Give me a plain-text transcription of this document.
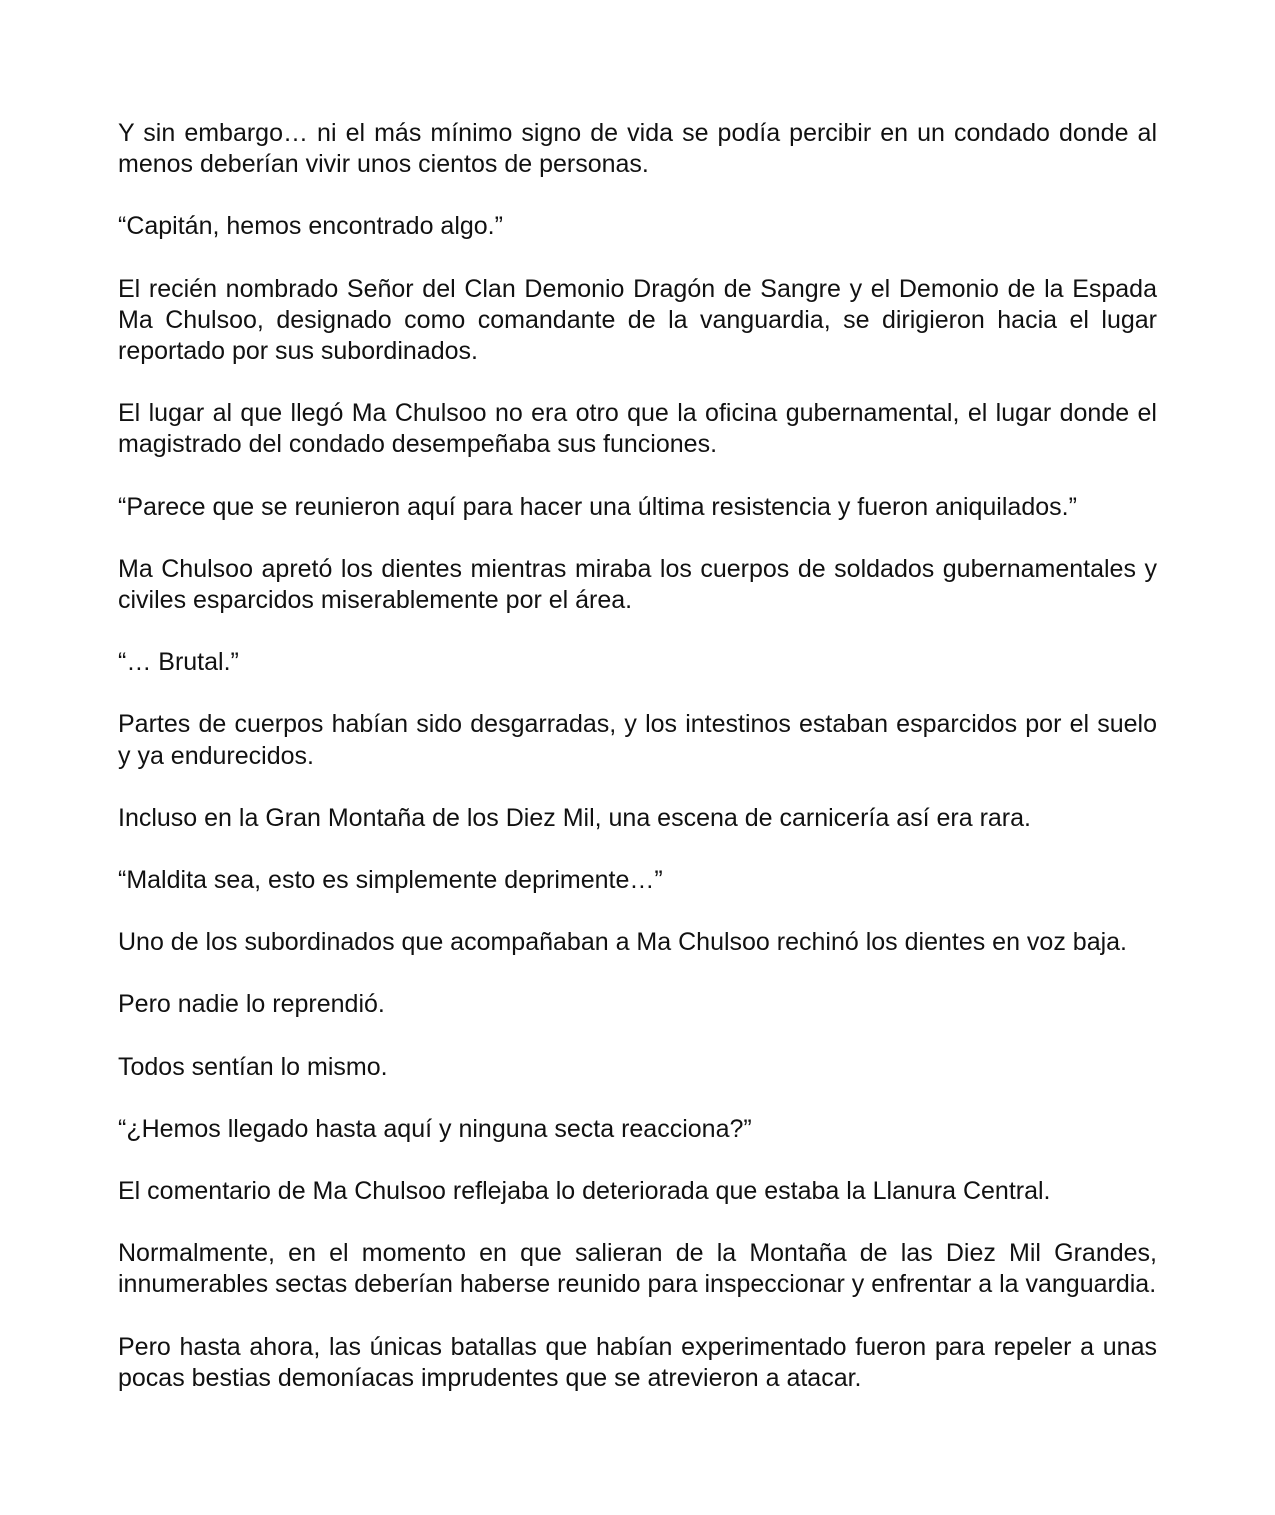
Y sin embargo… ni el más mínimo signo de vida se podía percibir en un condado donde al menos deberían vivir unos cientos de personas.

“Capitán, hemos encontrado algo.”

El recién nombrado Señor del Clan Demonio Dragón de Sangre y el Demonio de la Espada Ma Chulsoo, designado como comandante de la vanguardia, se dirigieron hacia el lugar reportado por sus subordinados.

El lugar al que llegó Ma Chulsoo no era otro que la oficina gubernamental, el lugar donde el magistrado del condado desempeñaba sus funciones.

“Parece que se reunieron aquí para hacer una última resistencia y fueron aniquilados.”

Ma Chulsoo apretó los dientes mientras miraba los cuerpos de soldados gubernamentales y civiles esparcidos miserablemente por el área.

“… Brutal.”

Partes de cuerpos habían sido desgarradas, y los intestinos estaban esparcidos por el suelo y ya endurecidos.

Incluso en la Gran Montaña de los Diez Mil, una escena de carnicería así era rara.

“Maldita sea, esto es simplemente deprimente…”

Uno de los subordinados que acompañaban a Ma Chulsoo rechinó los dientes en voz baja.

Pero nadie lo reprendió.

Todos sentían lo mismo.

“¿Hemos llegado hasta aquí y ninguna secta reacciona?”

El comentario de Ma Chulsoo reflejaba lo deteriorada que estaba la Llanura Central.

Normalmente, en el momento en que salieran de la Montaña de las Diez Mil Grandes, innumerables sectas deberían haberse reunido para inspeccionar y enfrentar a la vanguardia.

Pero hasta ahora, las únicas batallas que habían experimentado fueron para repeler a unas pocas bestias demoníacas imprudentes que se atrevieron a atacar.
